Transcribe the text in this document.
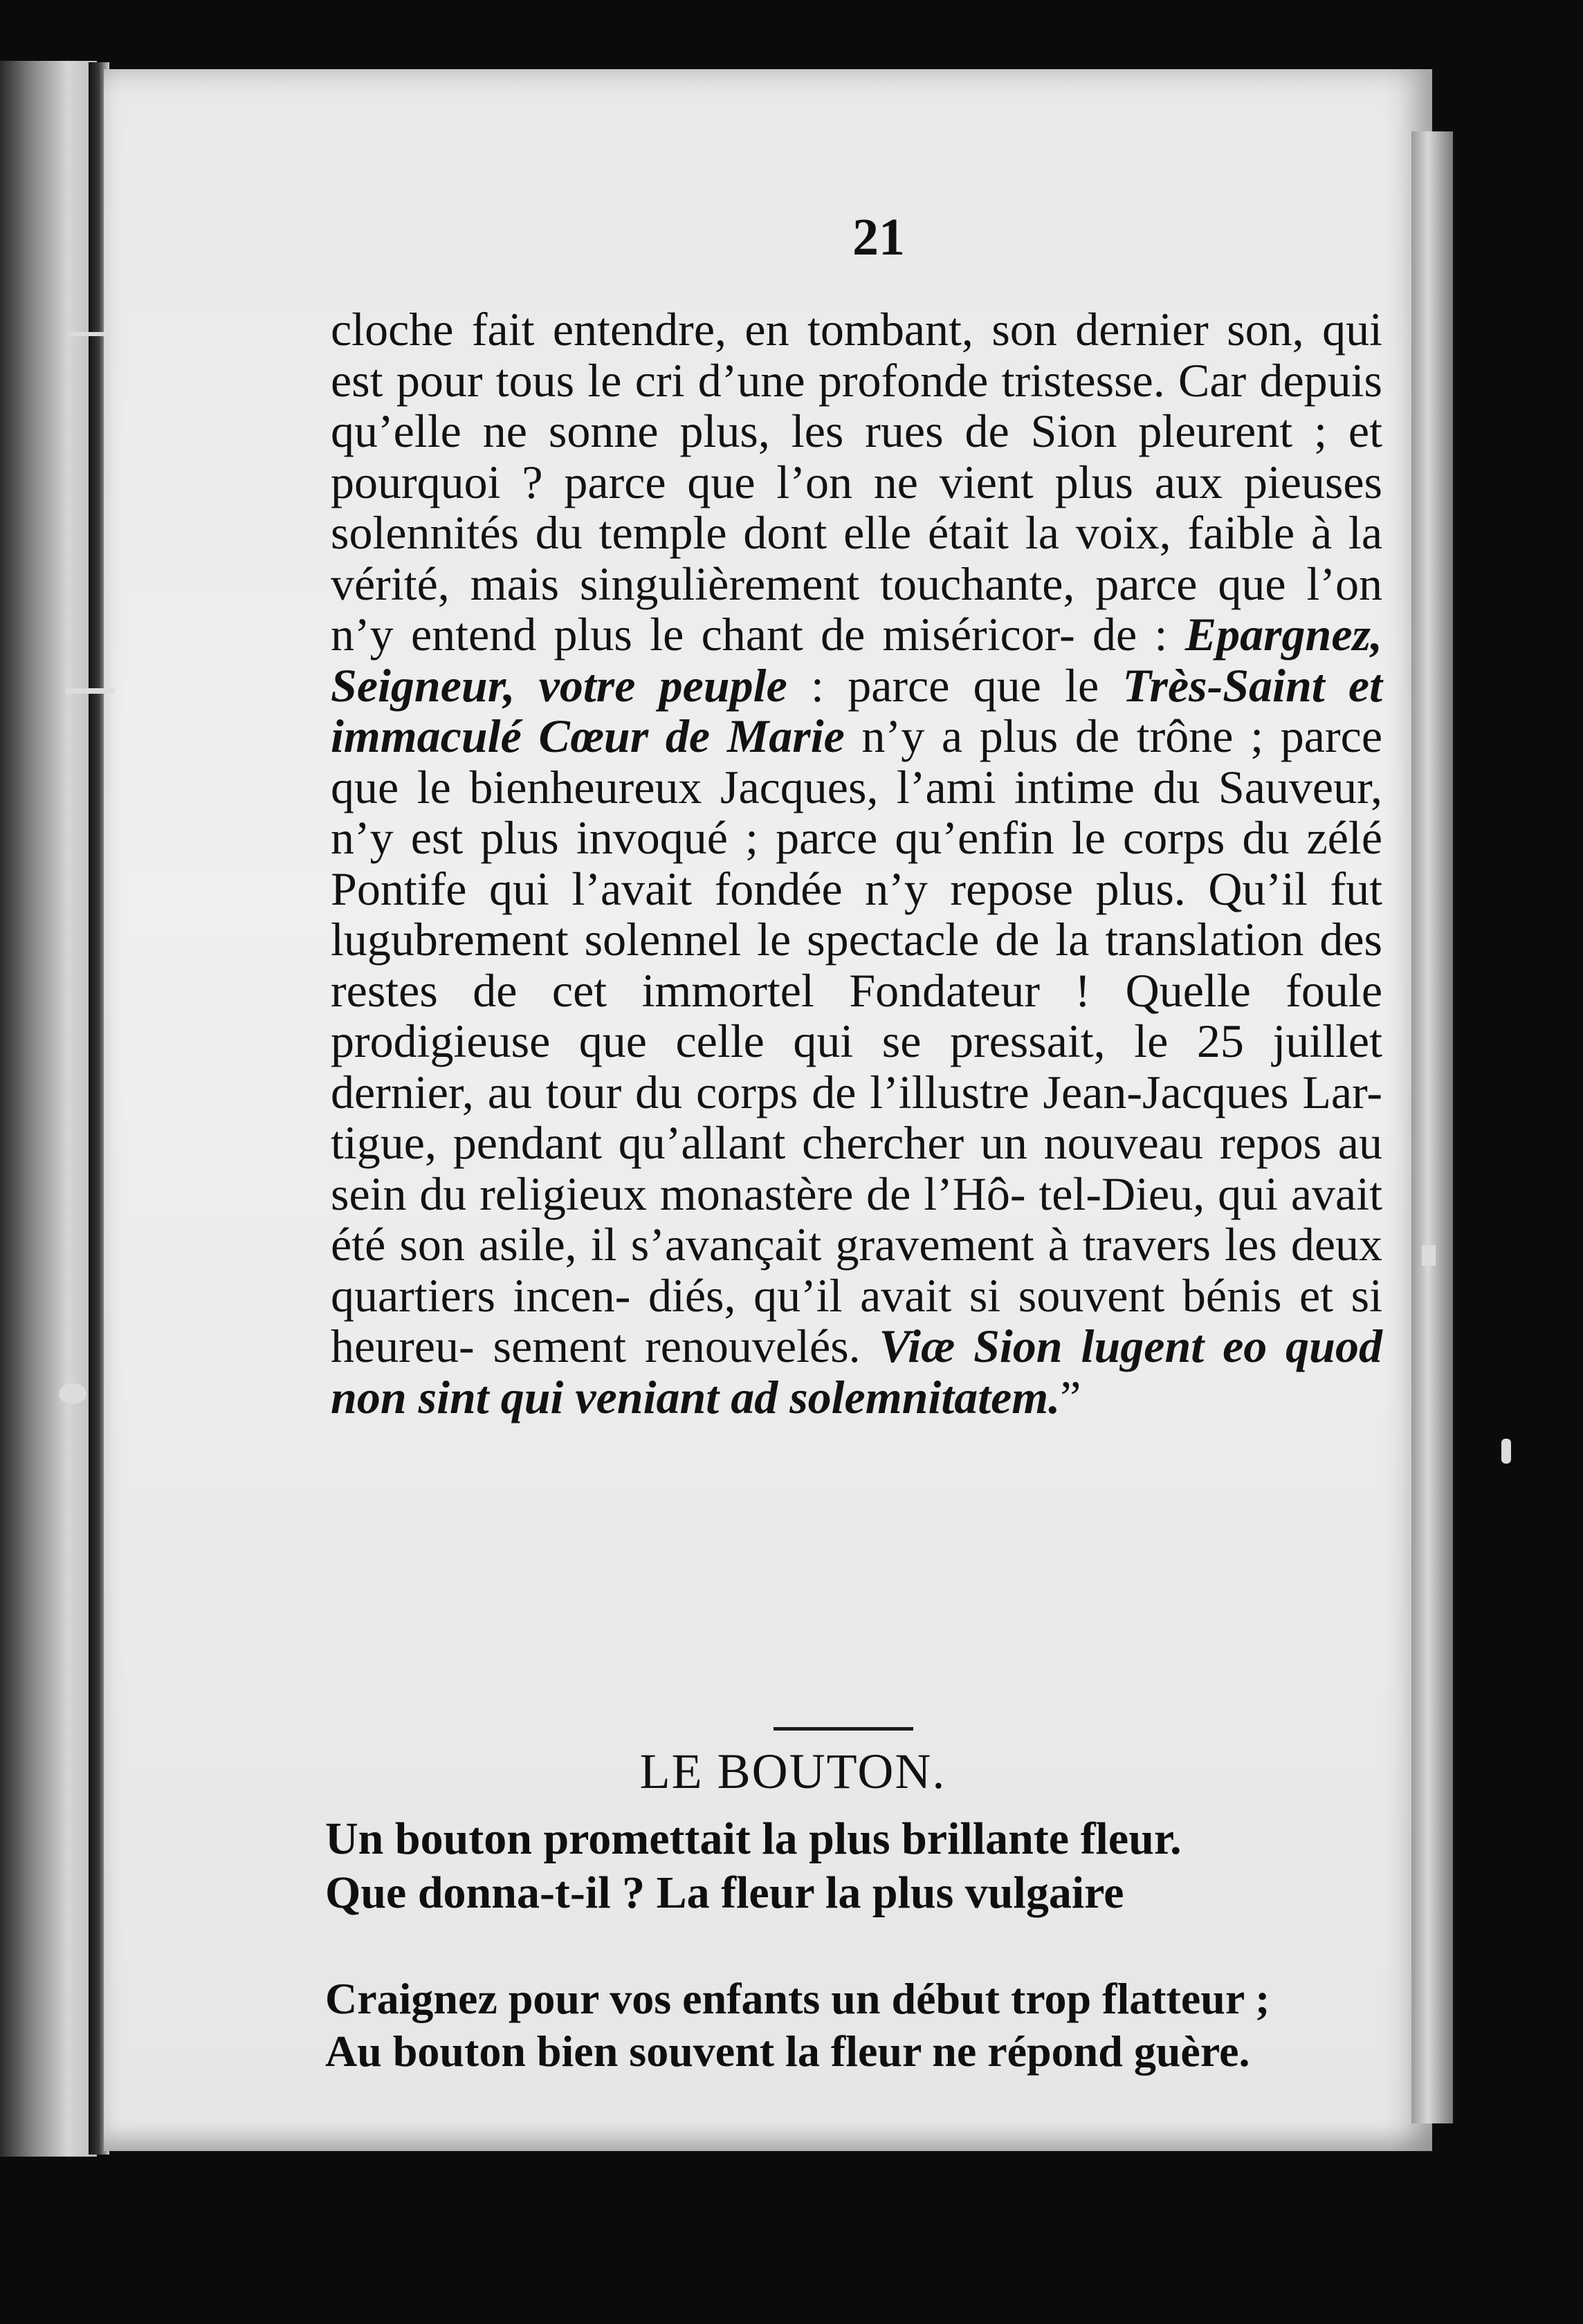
21
cloche fait entendre, en tombant, son dernier son, qui est pour tous le cri d’une profonde tristesse. Car depuis qu’elle ne sonne plus, les rues de Sion pleurent ; et pourquoi ? parce que l’on ne vient plus aux pieuses solennités du temple dont elle était la voix, faible à la vérité, mais singulièrement touchante, parce que l’on n’y entend plus le chant de miséricor- de : Epargnez, Seigneur, votre peuple : parce que le Très-Saint et immaculé Cœur de Marie n’y a plus de trône ; parce que le bienheureux Jacques, l’ami intime du Sauveur, n’y est plus invoqué ; parce qu’enfin le corps du zélé Pontife qui l’avait fondée n’y repose plus. Qu’il fut lugubrement solennel le spectacle de la translation des restes de cet immortel Fondateur ! Quelle foule prodigieuse que celle qui se pressait, le 25 juillet dernier, au tour du corps de l’illustre Jean-Jacques Lar- tigue, pendant qu’allant chercher un nouveau repos au sein du religieux monastère de l’Hô- tel-Dieu, qui avait été son asile, il s’avançait gravement à travers les deux quartiers incen- diés, qu’il avait si souvent bénis et si heureu- sement renouvelés. Viæ Sion lugent eo quod non sint qui veniant ad solemnitatem.”
LE BOUTON.
Un bouton promettait la plus brillante fleur.
Que donna-t-il ? La fleur la plus vulgaire
Craignez pour vos enfants un début trop flatteur ;
Au bouton bien souvent la fleur ne répond guère.
